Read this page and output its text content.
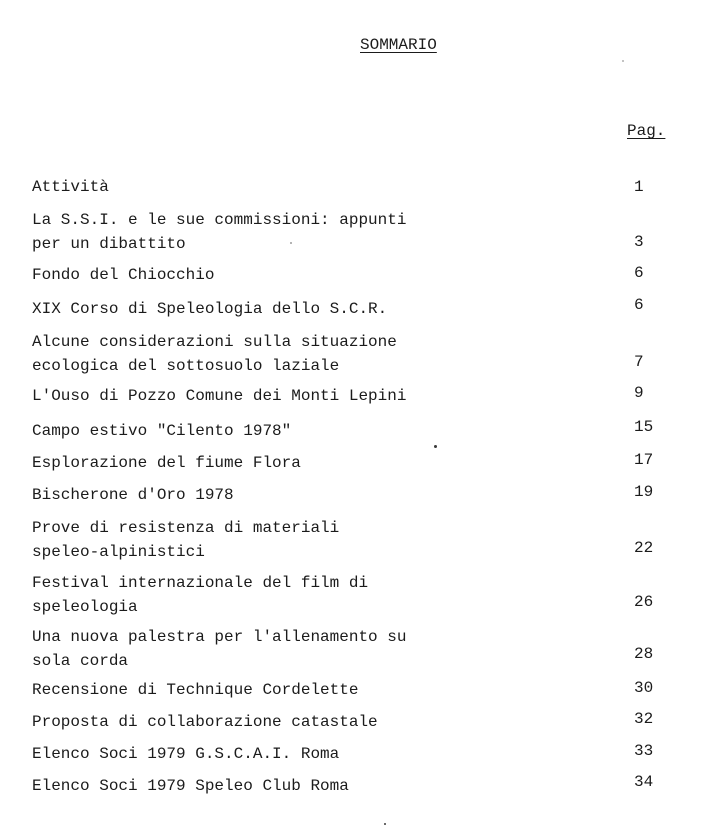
SOMMARIO
Pag.
Attività	1
La S.S.I. e le sue commissioni: appunti
per un dibattito	3
Fondo del Chiocchio	6
XIX Corso di Speleologia dello S.C.R.	6
Alcune considerazioni sulla situazione
ecologica del sottosuolo laziale	7
L'Ouso di Pozzo Comune dei Monti Lepini	9
Campo estivo "Cilento 1978"	15
Esplorazione del fiume Flora	17
Bischerone d'Oro 1978	19
Prove di resistenza di materiali
speleo-alpinistici	22
Festival internazionale del film di
speleologia	26
Una nuova palestra per l'allenamento su
sola corda	28
Recensione di Technique Cordelette	30
Proposta di collaborazione catastale	32
Elenco Soci 1979 G.S.C.A.I. Roma	33
Elenco Soci 1979 Speleo Club Roma	34
